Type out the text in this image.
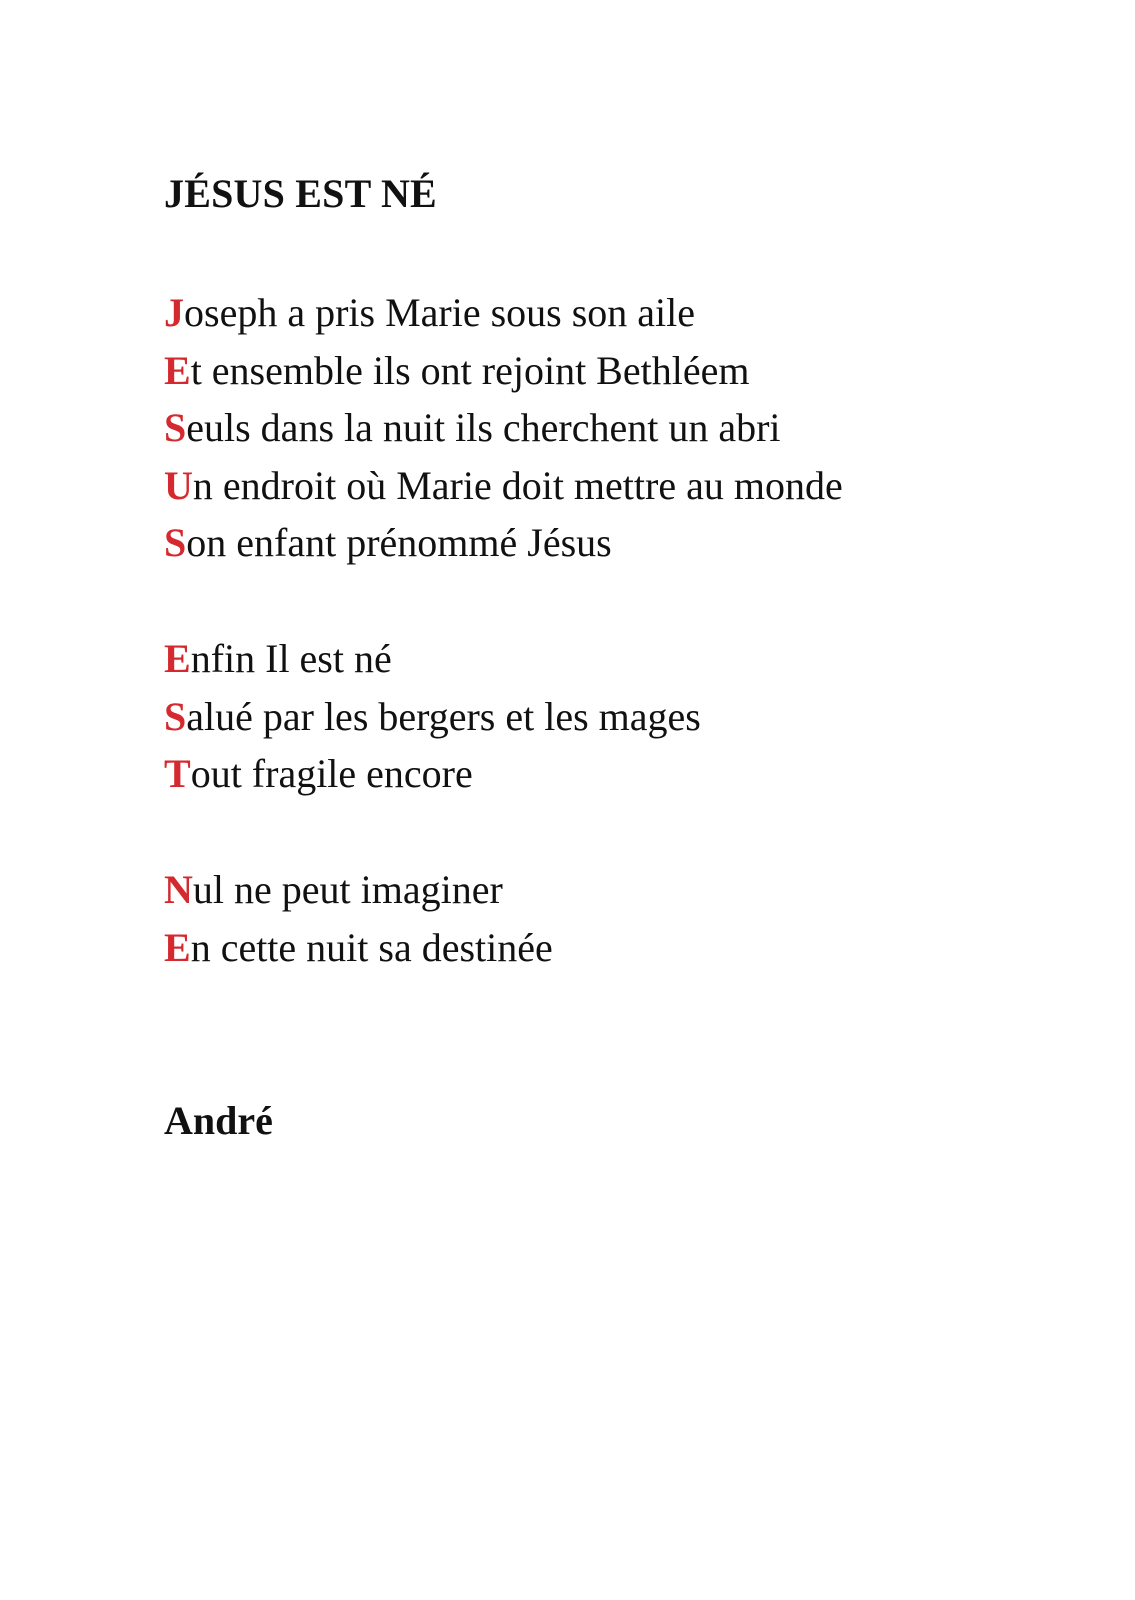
JÉSUS EST NÉ
Joseph a pris Marie sous son aile
Et ensemble ils ont rejoint Bethléem
Seuls dans la nuit ils cherchent un abri
Un endroit où Marie doit mettre au monde
Son enfant prénommé Jésus
Enfin Il est né
Salué par les bergers et les mages
Tout fragile encore
Nul ne peut imaginer
En cette nuit sa destinée

André
